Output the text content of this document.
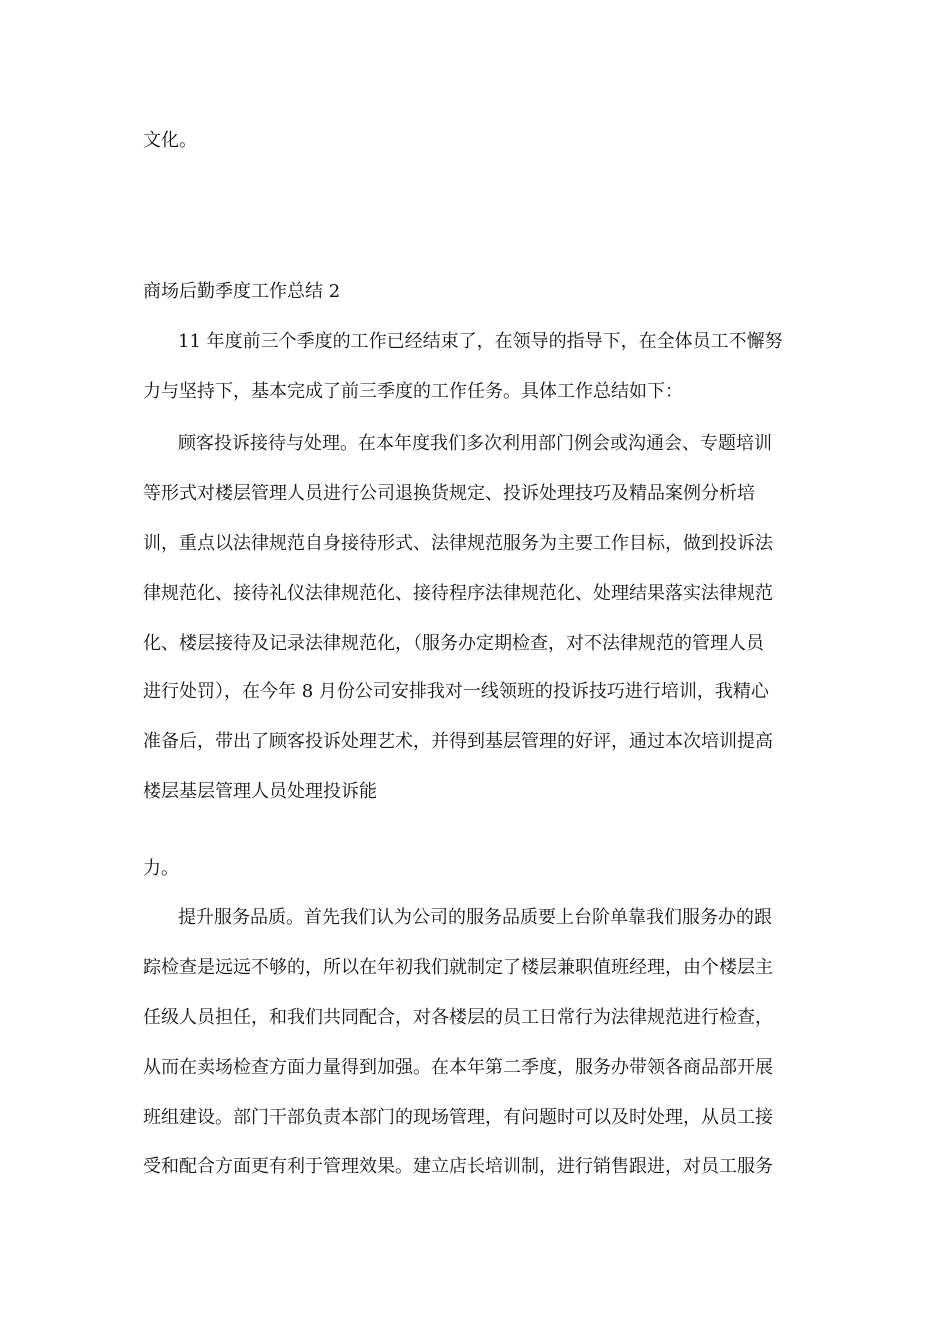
文化。
商场后勤季度工作总结 2
11 年度前三个季度的工作已经结束了，在领导的指导下，在全体员工不懈努
力与坚持下，基本完成了前三季度的工作任务。具体工作总结如下：
顾客投诉接待与处理。在本年度我们多次利用部门例会或沟通会、专题培训
等形式对楼层管理人员进行公司退换货规定、投诉处理技巧及精品案例分析培
训，重点以法律规范自身接待形式、法律规范服务为主要工作目标，做到投诉法
律规范化、接待礼仪法律规范化、接待程序法律规范化、处理结果落实法律规范
化、楼层接待及记录法律规范化，（服务办定期检查，对不法律规范的管理人员
进行处罚），在今年 8 月份公司安排我对一线领班的投诉技巧进行培训，我精心
准备后，带出了顾客投诉处理艺术，并得到基层管理的好评，通过本次培训提高
楼层基层管理人员处理投诉能
力。
提升服务品质。首先我们认为公司的服务品质要上台阶单靠我们服务办的跟
踪检查是远远不够的，所以在年初我们就制定了楼层兼职值班经理，由个楼层主
任级人员担任，和我们共同配合，对各楼层的员工日常行为法律规范进行检查，
从而在卖场检查方面力量得到加强。在本年第二季度，服务办带领各商品部开展
班组建设。部门干部负责本部门的现场管理，有问题时可以及时处理，从员工接
受和配合方面更有利于管理效果。建立店长培训制，进行销售跟进，对员工服务
